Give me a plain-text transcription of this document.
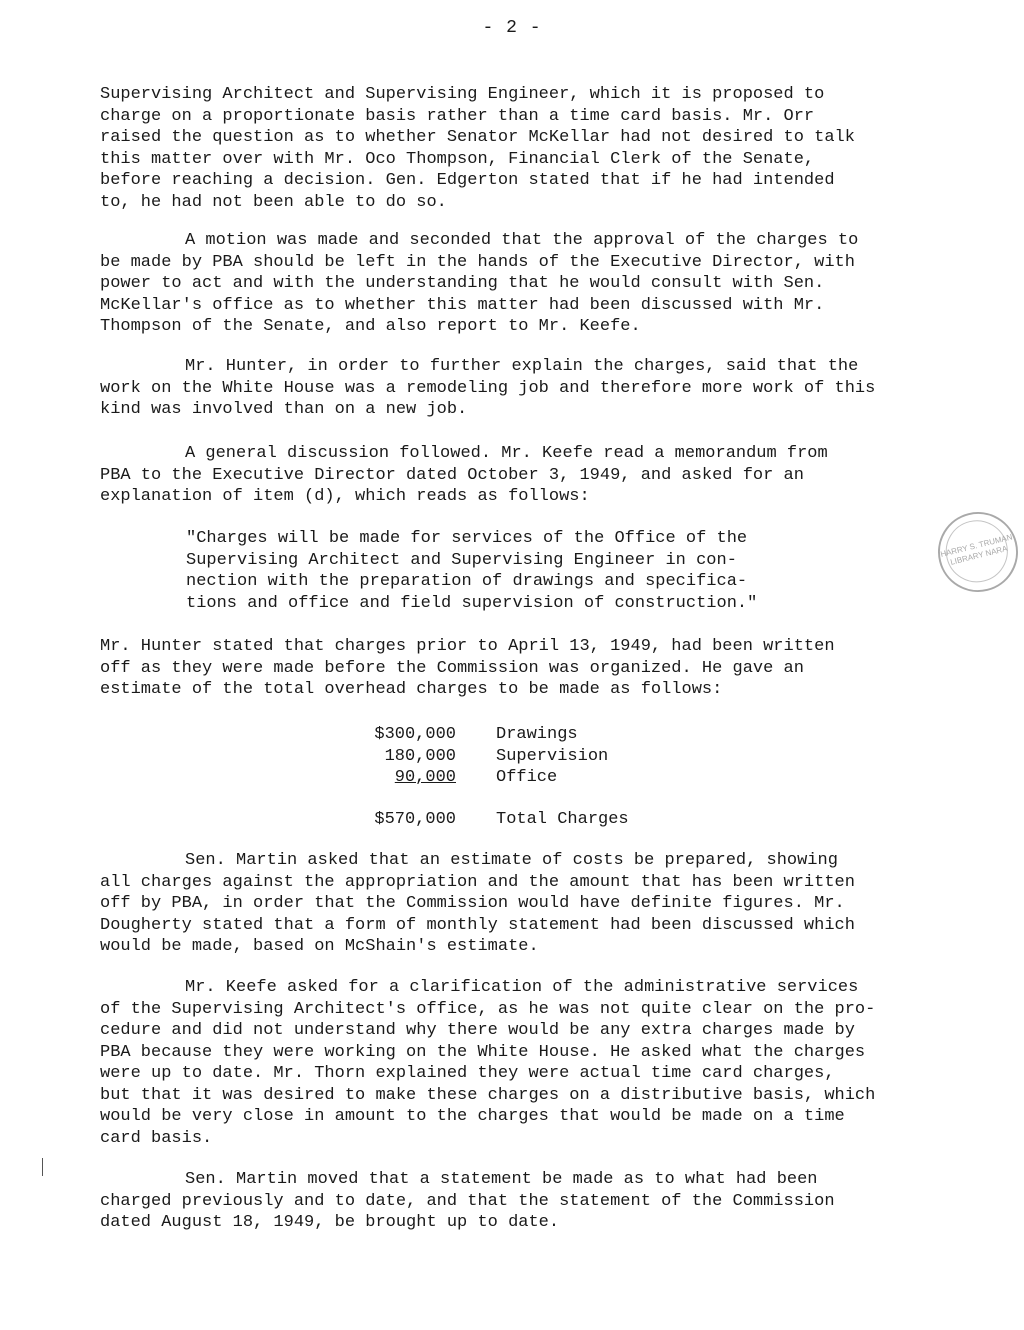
- 2 -

Supervising Architect and Supervising Engineer, which it is proposed to

charge on a proportionate basis rather than a time card basis. Mr. Orr

raised the question as to whether Senator McKellar had not desired to talk

this matter over with Mr. Oco Thompson, Financial Clerk of the Senate,

before reaching a decision. Gen. Edgerton stated that if he had intended

to, he had not been able to do so.

A motion was made and seconded that the approval of the charges to

be made by PBA should be left in the hands of the Executive Director, with

power to act and with the understanding that he would consult with Sen.

McKellar's office as to whether this matter had been discussed with Mr.

Thompson of the Senate, and also report to Mr. Keefe.

Mr. Hunter, in order to further explain the charges, said that the

work on the White House was a remodeling job and therefore more work of this

kind was involved than on a new job.

A general discussion followed. Mr. Keefe read a memorandum from

PBA to the Executive Director dated October 3, 1949, and asked for an

explanation of item (d), which reads as follows:

"Charges will be made for services of the Office of the

Supervising Architect and Supervising Engineer in con-

nection with the preparation of drawings and specifica-

tions and office and field supervision of construction."

Mr. Hunter stated that charges prior to April 13, 1949, had been written

off as they were made before the Commission was organized. He gave an

estimate of the total overhead charges to be made as follows:

$300,000 Drawings
180,000 Supervision
90,000 Office
$570,000 Total Charges

Sen. Martin asked that an estimate of costs be prepared, showing

all charges against the appropriation and the amount that has been written

off by PBA, in order that the Commission would have definite figures. Mr.

Dougherty stated that a form of monthly statement had been discussed which

would be made, based on McShain's estimate.

Mr. Keefe asked for a clarification of the administrative services

of the Supervising Architect's office, as he was not quite clear on the pro-

cedure and did not understand why there would be any extra charges made by

PBA because they were working on the White House. He asked what the charges

were up to date. Mr. Thorn explained they were actual time card charges,

but that it was desired to make these charges on a distributive basis, which

would be very close in amount to the charges that would be made on a time

card basis.

Sen. Martin moved that a statement be made as to what had been

charged previously and to date, and that the statement of the Commission

dated August 18, 1949, be brought up to date.

HARRY S. TRUMAN LIBRARY NARA
